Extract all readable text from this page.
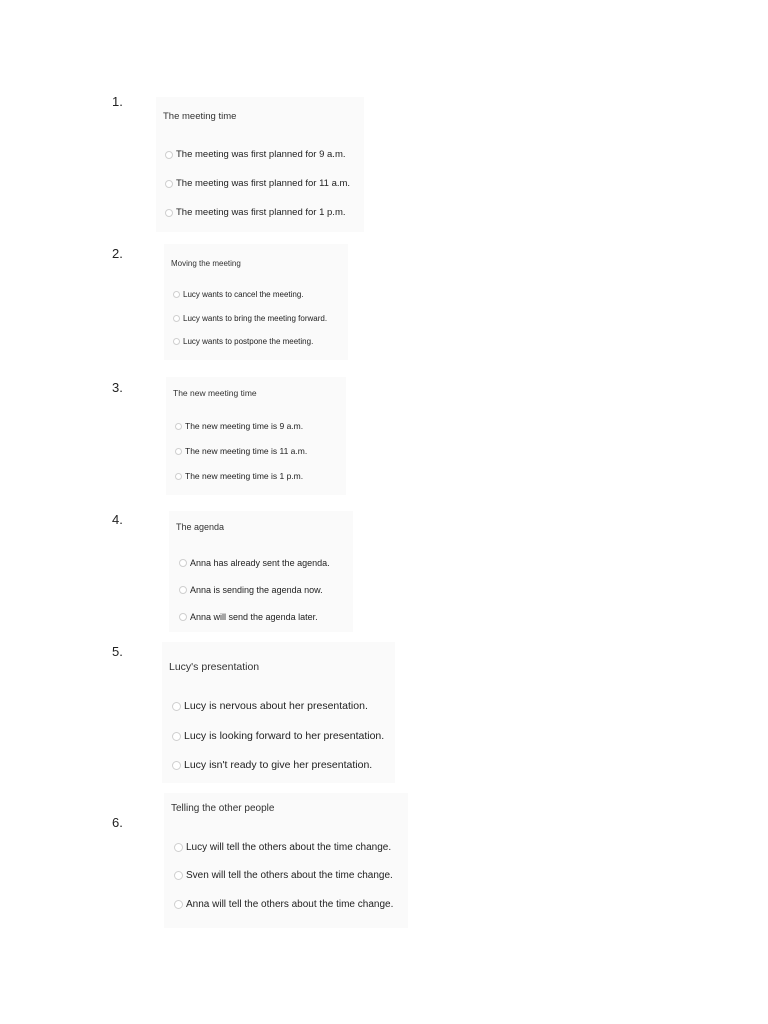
1.
The meeting time
The meeting was first planned for 9 a.m.
The meeting was first planned for 11 a.m.
The meeting was first planned for 1 p.m.
2.
Moving the meeting
Lucy wants to cancel the meeting.
Lucy wants to bring the meeting forward.
Lucy wants to postpone the meeting.
3.	The new meeting time
The new meeting time is 9 a.m.
The new meeting time is 11 a.m.
The new meeting time is 1 p.m.
4.	The agenda
Anna has already sent the agenda.
Anna is sending the agenda now.
Anna will send the agenda later.
5.
Lucy's presentation
Lucy is nervous about her presentation.
Lucy is looking forward to her presentation.
Lucy isn't ready to give her presentation.
6.
Telling the other people
Lucy will tell the others about the time change.
Sven will tell the others about the time change.
Anna will tell the others about the time change.
